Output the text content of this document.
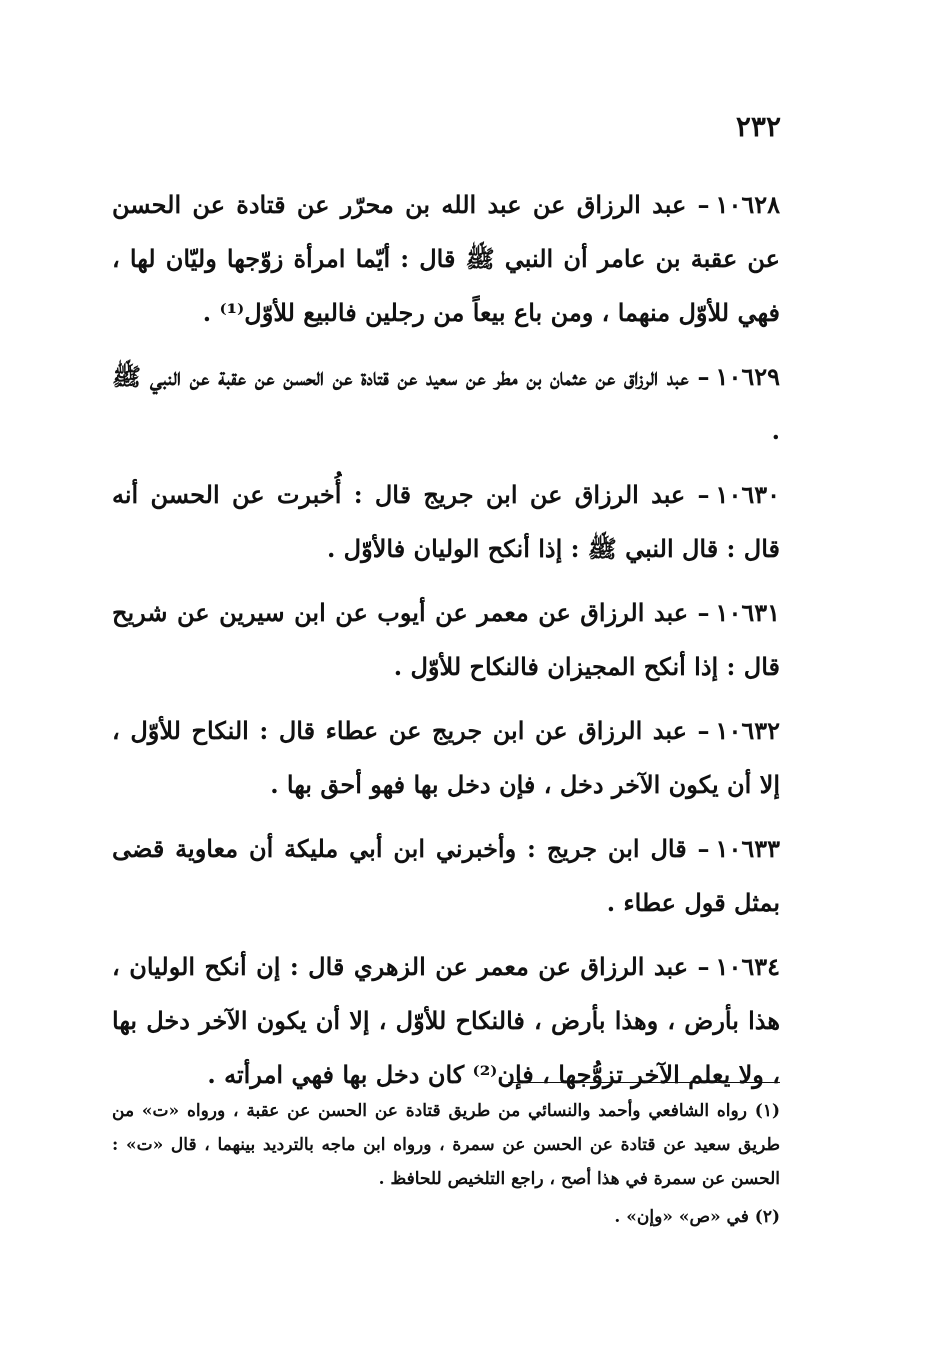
٢٣٢

١٠٦٢٨– عبد الرزاق عن عبد الله بن محرّر عن قتادة عن الحسن عن عقبة بن عامر أن النبي ﷺ قال : أيّما امرأة زوّجها وليّان لها ، فهي للأوّل منهما ، ومن باع بيعاً من رجلين فالبيع للأوّل⁽¹⁾ .

١٠٦٢٩– عبد الرزاق عن عثمان بن مطر عن سعيد عن قتادة عن الحسن عن عقبة عن النبي ﷺ .

١٠٦٣٠– عبد الرزاق عن ابن جريج قال : أُخبرت عن الحسن أنه قال : قال النبي ﷺ : إذا أنكح الوليان فالأوّل .

١٠٦٣١– عبد الرزاق عن معمر عن أيوب عن ابن سيرين عن شريح قال : إذا أنكح المجيزان فالنكاح للأوّل .

١٠٦٣٢– عبد الرزاق عن ابن جريج عن عطاء قال : النكاح للأوّل ، إلا أن يكون الآخر دخل ، فإن دخل بها فهو أحق بها .

١٠٦٣٣– قال ابن جريج : وأخبرني ابن أبي مليكة أن معاوية قضى بمثل قول عطاء .

١٠٦٣٤– عبد الرزاق عن معمر عن الزهري قال : إن أنكح الوليان ، هذا بأرض ، وهذا بأرض ، فالنكاح للأوّل ، إلا أن يكون الآخر دخل بها ، ولا يعلم الآخر تزوُّجها ، فإن⁽²⁾ كان دخل بها فهي امرأته .

(١) رواه الشافعي وأحمد والنسائي من طريق قتادة عن الحسن عن عقبة ، ورواه «ت» من طريق سعيد عن قتادة عن الحسن عن سمرة ، ورواه ابن ماجه بالترديد بينهما ، قال «ت» : الحسن عن سمرة في هذا أصح ، راجع التلخيص للحافظ .

(٢) في «ص» «وإن» .
